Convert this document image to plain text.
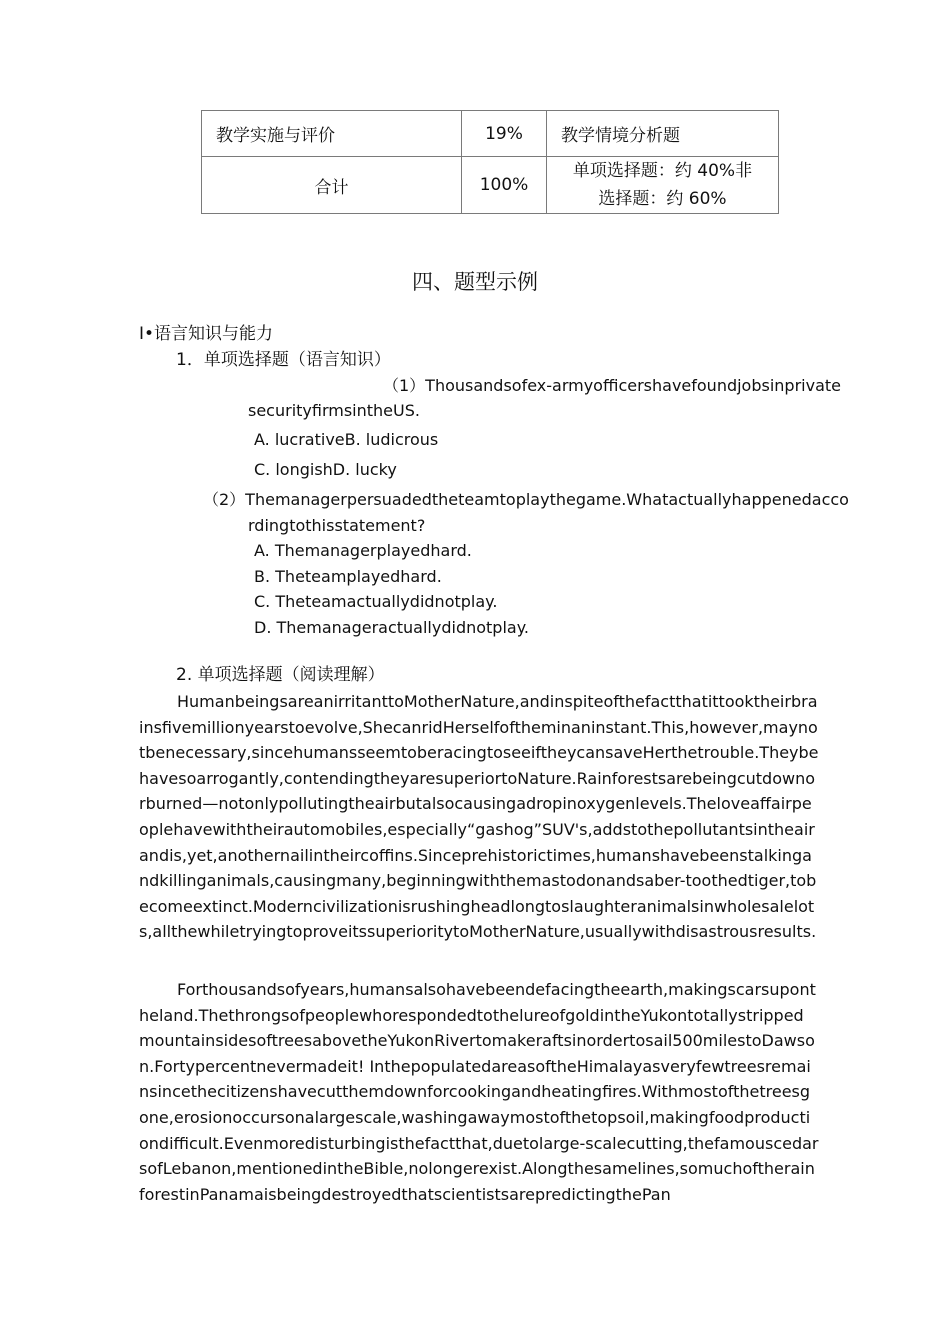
教学实施与评价	19%	教学情境分析题
合计	100%	单项选择题：约 40%非
选择题：约 60%
四、题型示例
I•语言知识与能力
1．单项选择题（语言知识）
（1）Thousandsofex-armyofficershavefoundjobsinprivate
securityfirmsintheUS.
A. lucrativeB. ludicrous
C. longishD. lucky
（2）Themanagerpersuadedtheteamtoplaythegame.Whatactuallyhappenedacco
rdingtothisstatement?
A. Themanagerplayedhard.
B. Theteamplayedhard.
C. Theteamactuallydidnotplay.
D. Themanageractuallydidnotplay.
2. 单项选择题（阅读理解）

HumanbeingsareanirritanttoMotherNature,andinspiteofthefactthatittooktheirbrainsfivemillionyearstoevolve,ShecanridHerselfoftheminaninstant.This,however,maynotbenecessary,sincehumansseemtoberacingtoseeiftheycansaveHerthetrouble.Theybehavesoarrogantly,contendingtheyaresuperiortoNature.Rainforestsarebeingcutdownorburned—notonlypollutingtheairbutalsocausingadropinoxygenlevels.Theloveaffairpeoplehavewiththeirautomobiles,especially“gashog”SUV's,addstothepollutantsintheairandis,yet,anothernailintheircoffins.Sinceprehistorictimes,humanshavebeenstalkingandkillinganimals,causingmany,beginningwiththemastodonandsaber-toothedtiger,tobecomeextinct.Moderncivilizationisrushingheadlongtoslaughteranimalsinwholesalelots,allthewhiletryingtoproveitssuperioritytoMotherNature,usuallywithdisastrousresults.

Forthousandsofyears,humansalsohavebeendefacingtheearth,makingscarsupontheland.ThethrongsofpeoplewhorespondedtothelureofgoldintheYukontotallystrippedmountainsidesoftreesabovetheYukonRivertomakeraftsinordertosail500milestoDawson.Fortypercentnevermadeit! InthepopulatedareasoftheHimalayasveryfewtreesremainsincethecitizenshavecutthemdownforcookingandheatingfires.Withmostofthetreesgone,erosionoccursonalargescale,washingawaymostofthetopsoil,makingfoodproductiondifficult.Evenmoredisturbingisthefactthat,duetolarge-scalecutting,thefamouscedarsofLebanon,mentionedintheBible,nolongerexist.Alongthesamelines,somuchoftherainforestinPanamaisbeingdestroyedthatscientistsarepredictingthePan
